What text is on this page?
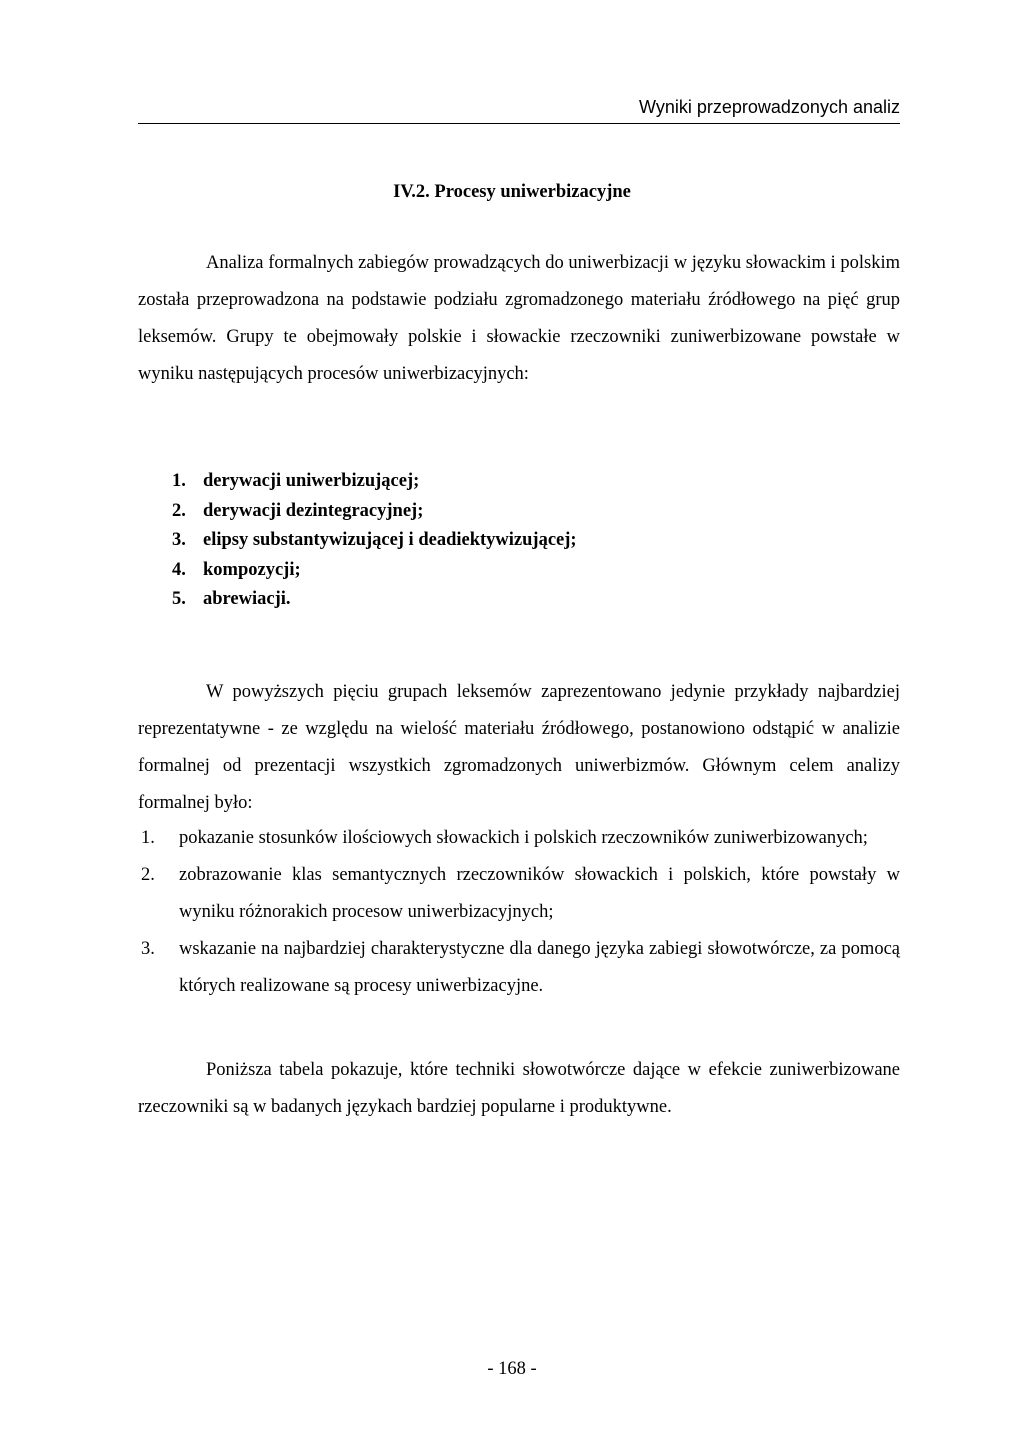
Wyniki przeprowadzonych analiz
IV.2. Procesy uniwerbizacyjne

Analiza formalnych zabiegów prowadzących do uniwerbizacji w języku słowackim i polskim została przeprowadzona na podstawie podziału zgromadzonego materiału źródłowego na pięć grup leksemów. Grupy te obejmowały polskie i słowackie rzeczowniki zuniwerbizowane powstałe w wyniku następujących procesów uniwerbizacyjnych:

1. derywacji uniwerbizującej;
2. derywacji dezintegracyjnej;
3. elipsy substantywizującej i deadiektywizującej;
4. kompozycji;
5. abrewiacji.

W powyższych pięciu grupach leksemów zaprezentowano jedynie przykłady najbardziej reprezentatywne - ze względu na wielość materiału źródłowego, postanowiono odstąpić w analizie formalnej od prezentacji wszystkich zgromadzonych uniwerbizmów. Głównym celem analizy formalnej było:

1. pokazanie stosunków ilościowych słowackich i polskich rzeczowników zuniwerbizowanych;
2. zobrazowanie klas semantycznych rzeczowników słowackich i polskich, które powstały w wyniku różnorakich procesow uniwerbizacyjnych;
3. wskazanie na najbardziej charakterystyczne dla danego języka zabiegi słowotwórcze, za pomocą których realizowane są procesy uniwerbizacyjne.

Poniższa tabela pokazuje, które techniki słowotwórcze dające w efekcie zuniwerbizowane rzeczowniki są w badanych językach bardziej popularne i produktywne.

- 168 -
